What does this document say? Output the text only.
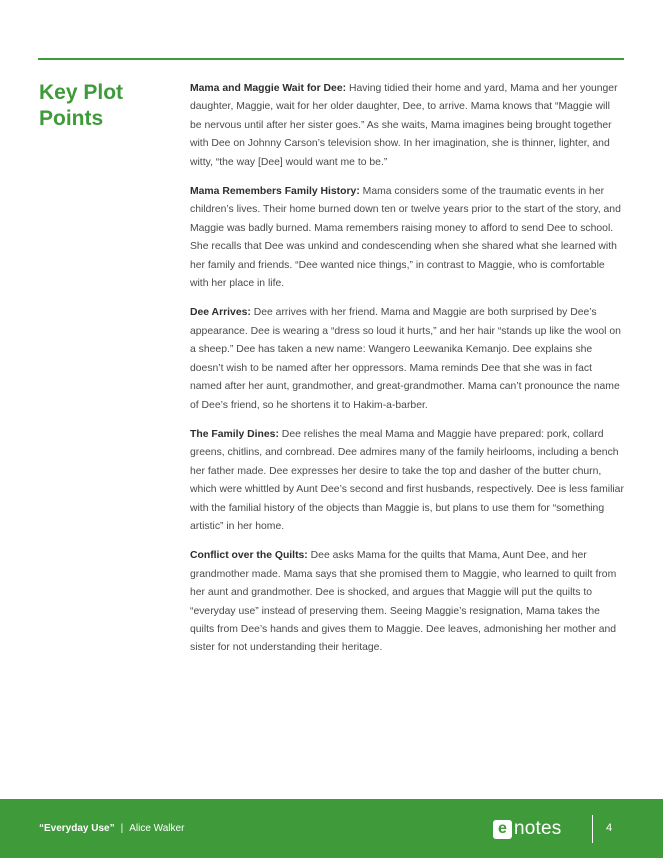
Key Plot Points

Mama and Maggie Wait for Dee: Having tidied their home and yard, Mama and her younger daughter, Maggie, wait for her older daughter, Dee, to arrive. Mama knows that “Maggie will be nervous until after her sister goes.” As she waits, Mama imagines being brought together with Dee on Johnny Carson’s television show. In her imagination, she is thinner, lighter, and witty, “the way [Dee] would want me to be.”

Mama Remembers Family History: Mama considers some of the traumatic events in her children’s lives. Their home burned down ten or twelve years prior to the start of the story, and Maggie was badly burned. Mama remembers raising money to afford to send Dee to school. She recalls that Dee was unkind and condescending when she shared what she learned with her family and friends. “Dee wanted nice things,” in contrast to Maggie, who is comfortable with her place in life.

Dee Arrives: Dee arrives with her friend. Mama and Maggie are both surprised by Dee’s appearance. Dee is wearing a “dress so loud it hurts,” and her hair “stands up like the wool on a sheep.” Dee has taken a new name: Wangero Leewanika Kemanjo. Dee explains she doesn’t wish to be named after her oppressors. Mama reminds Dee that she was in fact named after her aunt, grandmother, and great-grandmother. Mama can’t pronounce the name of Dee’s friend, so he shortens it to Hakim-a-barber.

The Family Dines: Dee relishes the meal Mama and Maggie have prepared: pork, collard greens, chitlins, and cornbread. Dee admires many of the family heirlooms, including a bench her father made. Dee expresses her desire to take the top and dasher of the butter churn, which were whittled by Aunt Dee’s second and first husbands, respectively. Dee is less familiar with the familial history of the objects than Maggie is, but plans to use them for “something artistic” in her home.

Conflict over the Quilts: Dee asks Mama for the quilts that Mama, Aunt Dee, and her grandmother made. Mama says that she promised them to Maggie, who learned to quilt from her aunt and grandmother. Dee is shocked, and argues that Maggie will put the quilts to “everyday use” instead of preserving them. Seeing Maggie’s resignation, Mama takes the quilts from Dee’s hands and gives them to Maggie. Dee leaves, admonishing her mother and sister for not understanding their heritage.

“Everyday Use” | Alice Walker	e notes	4
